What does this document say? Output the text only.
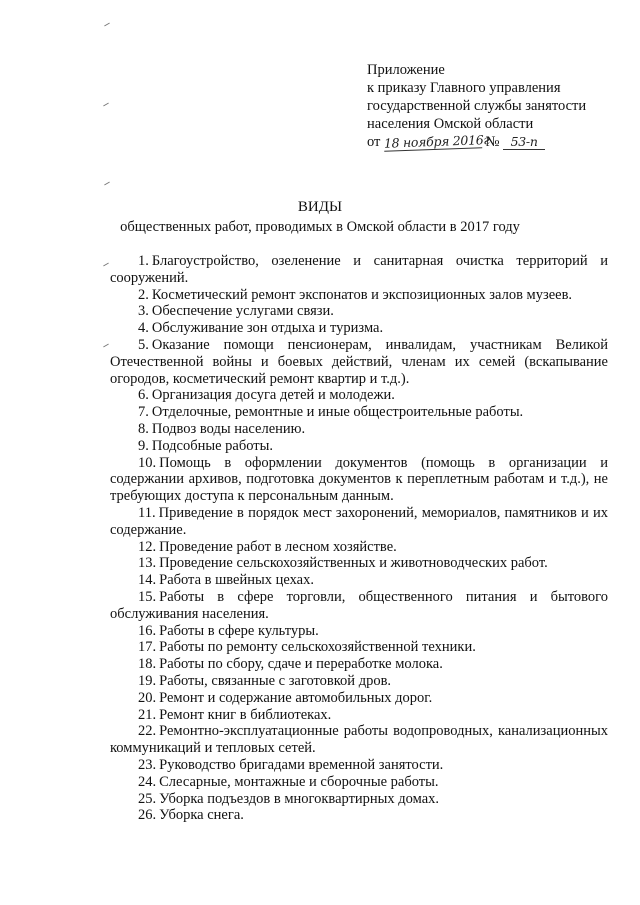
Приложение
к приказу Главного управления
государственной службы занятости
населения Омской области
от 18 ноября 2016г № 53-п
ВИДЫ
общественных работ, проводимых в Омской области в 2017 году

1. Благоустройство, озеленение и санитарная очистка территорий и сооружений.

2. Косметический ремонт экспонатов и экспозиционных залов музеев.

3. Обеспечение услугами связи.

4. Обслуживание зон отдыха и туризма.

5. Оказание помощи пенсионерам, инвалидам, участникам Великой Отечественной войны и боевых действий, членам их семей (вскапывание огородов, косметический ремонт квартир и т.д.).

6. Организация досуга детей и молодежи.

7. Отделочные, ремонтные и иные общестроительные работы.

8. Подвоз воды населению.

9. Подсобные работы.

10. Помощь в оформлении документов (помощь в организации и содержании архивов, подготовка документов к переплетным работам и т.д.), не требующих доступа к персональным данным.

11. Приведение в порядок мест захоронений, мемориалов, памятников и их содержание.

12. Проведение работ в лесном хозяйстве.

13. Проведение сельскохозяйственных и животноводческих работ.

14. Работа в швейных цехах.

15. Работы в сфере торговли, общественного питания и бытового обслуживания населения.

16. Работы в сфере культуры.

17. Работы по ремонту сельскохозяйственной техники.

18. Работы по сбору, сдаче и переработке молока.

19. Работы, связанные с заготовкой дров.

20. Ремонт и содержание автомобильных дорог.

21. Ремонт книг в библиотеках.

22. Ремонтно-эксплуатационные работы водопроводных, канализационных коммуникаций и тепловых сетей.

23. Руководство бригадами временной занятости.

24. Слесарные, монтажные и сборочные работы.

25. Уборка подъездов в многоквартирных домах.

26. Уборка снега.
